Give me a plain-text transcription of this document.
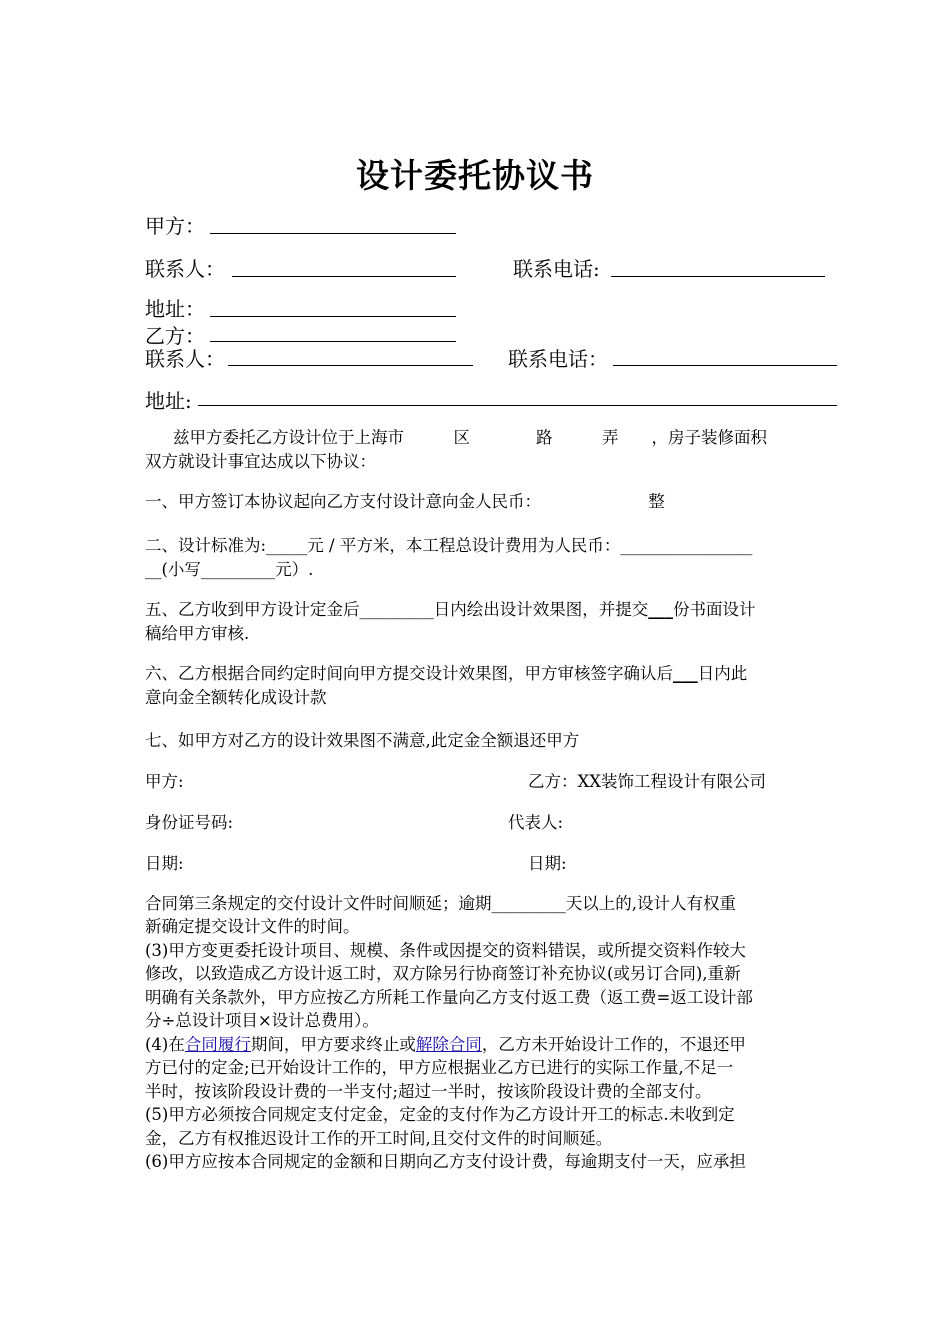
设计委托协议书
甲方：
联系人：	联系电话:
地址：
乙方：
联系人：	联系电话：
地址:
兹甲方委托乙方设计位于上海市　　　区　　　　路　　　弄　　，房子装修面积
双方就设计事宜达成以下协议：
一、甲方签订本协议起向乙方支付设计意向金人民币：　　　　　　　整
二、设计标准为:_____元 / 平方米，本工程总设计费用为人民币：________________
__(小写_________元）.
五、乙方收到甲方设计定金后_________日内绘出设计效果图，并提交___份书面设计
稿给甲方审核.
六、乙方根据合同约定时间向甲方提交设计效果图，甲方审核签字确认后___日内此
意向金全额转化成设计款
七、如甲方对乙方的设计效果图不满意,此定金全额退还甲方
甲方:	乙方：XX装饰工程设计有限公司
身份证号码:	代表人:
日期:	日期:
合同第三条规定的交付设计文件时间顺延；逾期_________天以上的,设计人有权重
新确定提交设计文件的时间。
(3)甲方变更委托设计项目、规模、条件或因提交的资料错误，或所提交资料作较大
修改，以致造成乙方设计返工时，双方除另行协商签订补充协议(或另订合同),重新
明确有关条款外，甲方应按乙方所耗工作量向乙方支付返工费（返工费=返工设计部
分÷总设计项目×设计总费用）。
(4)在合同履行期间，甲方要求终止或解除合同，乙方未开始设计工作的，不退还甲
方已付的定金;已开始设计工作的，甲方应根据业乙方已进行的实际工作量,不足一
半时，按该阶段设计费的一半支付;超过一半时，按该阶段设计费的全部支付。
(5)甲方必须按合同规定支付定金，定金的支付作为乙方设计开工的标志.未收到定
金，乙方有权推迟设计工作的开工时间,且交付文件的时间顺延。
(6)甲方应按本合同规定的金额和日期向乙方支付设计费，每逾期支付一天，应承担
